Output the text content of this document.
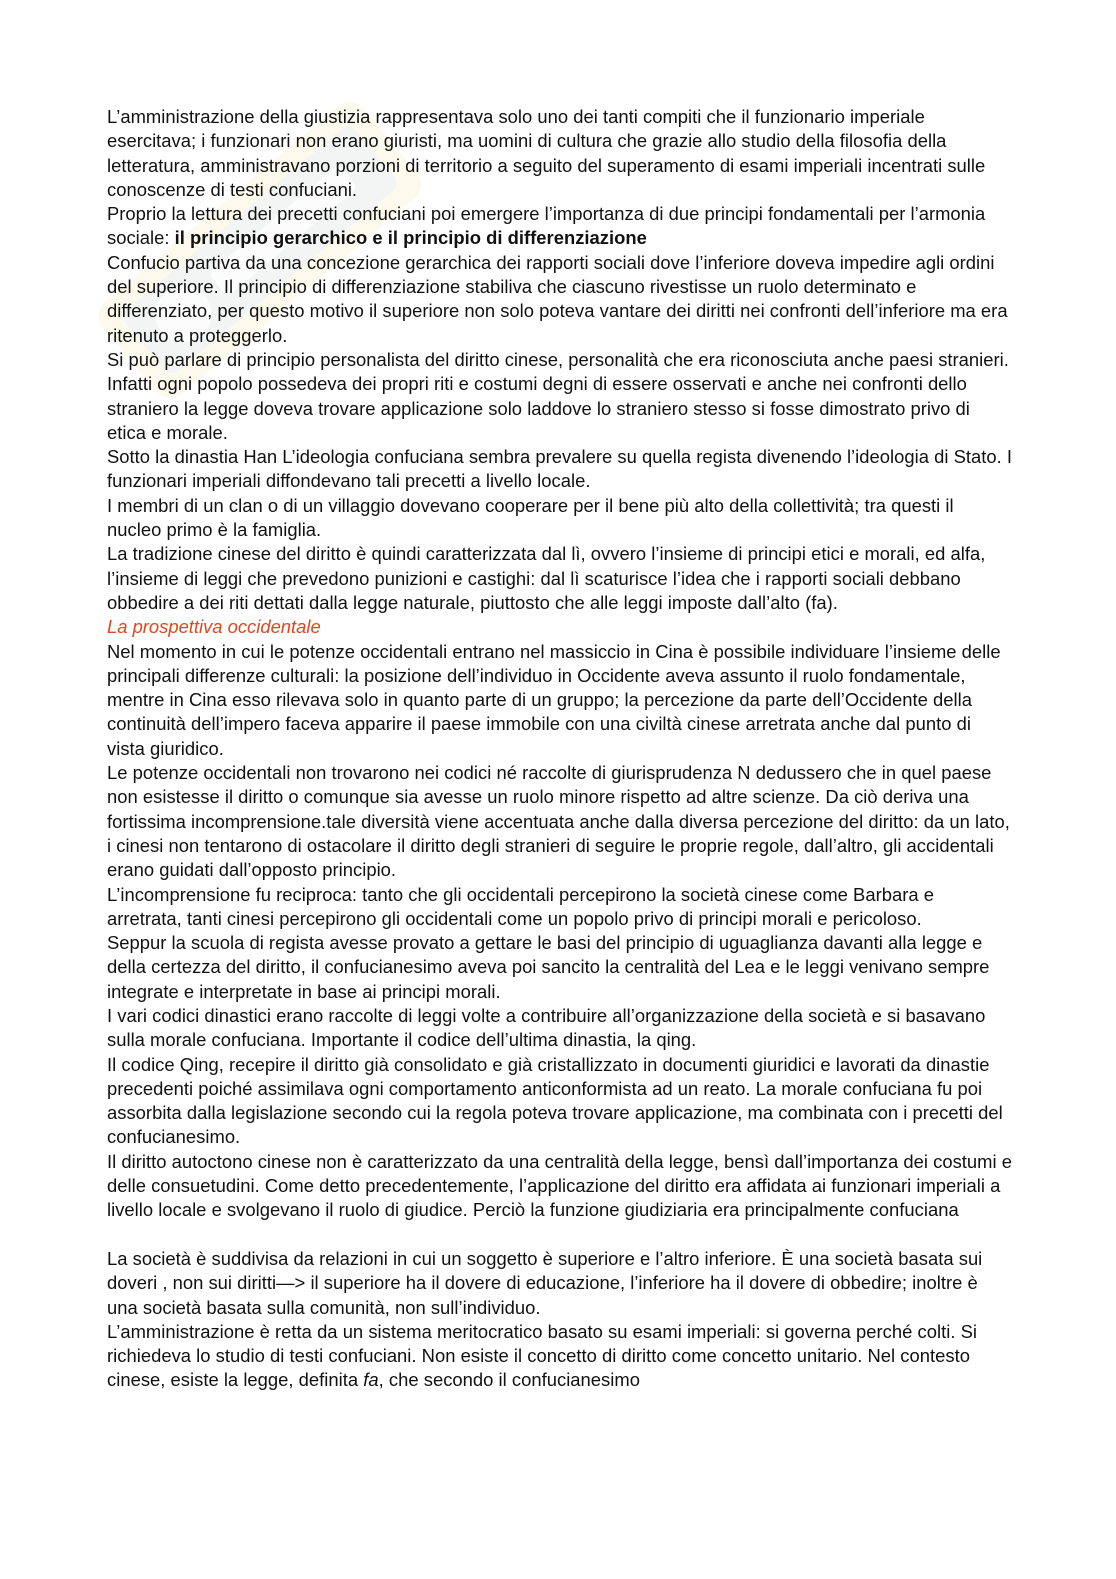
L’amministrazione della giustizia rappresentava solo uno dei tanti compiti che il funzionario imperiale esercitava; i funzionari non erano giuristi, ma uomini di cultura che grazie allo studio della filosofia della letteratura, amministravano porzioni di territorio a seguito del superamento di esami imperiali incentrati sulle conoscenze di testi confuciani.

Proprio la lettura dei precetti confuciani poi emergere l’importanza di due principi fondamentali per l’armonia sociale: il principio gerarchico e il principio di differenziazione

Confucio partiva da una concezione gerarchica dei rapporti sociali dove l’inferiore doveva impedire agli ordini del superiore. Il principio di differenziazione stabiliva che ciascuno rivestisse un ruolo determinato e differenziato, per questo motivo il superiore non solo poteva vantare dei diritti nei confronti dell’inferiore ma era ritenuto a proteggerlo.

Si può parlare di principio personalista del diritto cinese, personalità che era riconosciuta anche paesi stranieri. Infatti ogni popolo possedeva dei propri riti e costumi degni di essere osservati e anche nei confronti dello straniero la legge doveva trovare applicazione solo laddove lo straniero stesso si fosse dimostrato privo di etica e morale.

Sotto la dinastia Han L’ideologia confuciana sembra prevalere su quella regista divenendo l’ideologia di Stato. I funzionari imperiali diffondevano tali precetti a livello locale.

I membri di un clan o di un villaggio dovevano cooperare per il bene più alto della collettività; tra questi il nucleo primo è la famiglia.

La tradizione cinese del diritto è quindi caratterizzata dal lì, ovvero l’insieme di principi etici e morali, ed alfa, l’insieme di leggi che prevedono punizioni e castighi: dal lì scaturisce l’idea che i rapporti sociali debbano obbedire a dei riti dettati dalla legge naturale, piuttosto che alle leggi imposte dall’alto (fa).

La prospettiva occidentale

Nel momento in cui le potenze occidentali entrano nel massiccio in Cina è possibile individuare l’insieme delle principali differenze culturali: la posizione dell’individuo in Occidente aveva assunto il ruolo fondamentale, mentre in Cina esso rilevava solo in quanto parte di un gruppo; la percezione da parte dell’Occidente della continuità dell’impero faceva apparire il paese immobile con una civiltà cinese arretrata anche dal punto di vista giuridico.

Le potenze occidentali non trovarono nei codici né raccolte di giurisprudenza N dedussero che in quel paese non esistesse il diritto o comunque sia avesse un ruolo minore rispetto ad altre scienze. Da ciò deriva una fortissima incomprensione.tale diversità viene accentuata anche dalla diversa percezione del diritto: da un lato, i cinesi non tentarono di ostacolare il diritto degli stranieri di seguire le proprie regole, dall’altro, gli accidentali erano guidati dall’opposto principio.

L’incomprensione fu reciproca: tanto che gli occidentali percepirono la società cinese come Barbara e arretrata, tanti cinesi percepirono gli occidentali come un popolo privo di principi morali e pericoloso.

Seppur la scuola di regista avesse provato a gettare le basi del principio di uguaglianza davanti alla legge e della certezza del diritto, il confucianesimo aveva poi sancito la centralità del Lea e le leggi venivano sempre integrate e interpretate in base ai principi morali.

I vari codici dinastici erano raccolte di leggi volte a contribuire all’organizzazione della società e si basavano sulla morale confuciana. Importante il codice dell’ultima dinastia, la qing.

Il codice Qing, recepire il diritto già consolidato e già cristallizzato in documenti giuridici e lavorati da dinastie precedenti poiché assimilava ogni comportamento anticonformista ad un reato. La morale confuciana fu poi assorbita dalla legislazione secondo cui la regola poteva trovare applicazione, ma combinata con i precetti del confucianesimo.

Il diritto autoctono cinese non è caratterizzato da una centralità della legge, bensì dall’importanza dei costumi e delle consuetudini. Come detto precedentemente, l’applicazione del diritto era affidata ai funzionari imperiali a livello locale e svolgevano il ruolo di giudice. Perciò la funzione giudiziaria era principalmente confuciana

La società è suddivisa da relazioni in cui un soggetto è superiore e l’altro inferiore. È una società basata sui doveri , non sui diritti—> il superiore ha il dovere di educazione, l’inferiore ha il dovere di obbedire; inoltre è una società basata sulla comunità, non sull’individuo.

L’amministrazione è retta da un sistema meritocratico basato su esami imperiali: si governa perché colti. Si richiedeva lo studio di testi confuciani. Non esiste il concetto di diritto come concetto unitario. Nel contesto cinese, esiste la legge, definita fa, che secondo il confucianesimo
